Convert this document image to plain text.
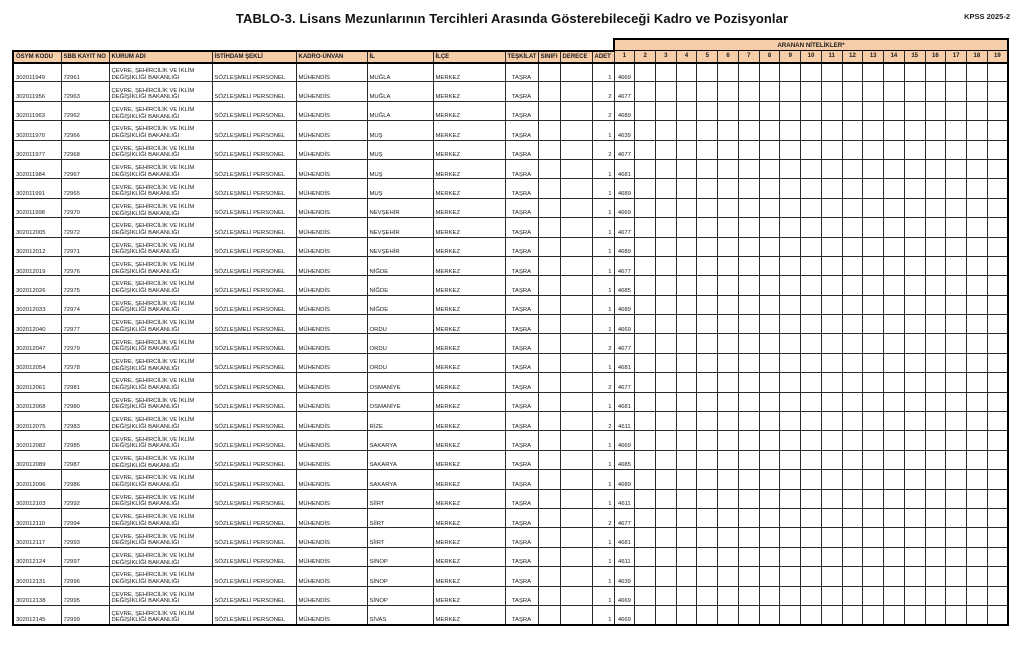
TABLO-3. Lisans Mezunlarının Tercihleri Arasında Gösterebileceği Kadro ve Pozisyonlar	KPSS 2025-2
											ARANAN NİTELİKLER*																		
ÖSYM KODU	SBB KAYIT NO	KURUM ADI	İSTİHDAM ŞEKLİ	KADRO-ÜNVAN	İL	İLÇE	TEŞKİLAT	SINIFI	DERECE	ADET	1	2	3	4	5	6	7	8	9	10	11	12	13	14	15	16	17	18	19
302011949	72961	ÇEVRE, ŞEHİRCİLİK VE İKLİM DEĞİŞİKLİĞİ BAKANLIĞI	SÖZLEŞMELİ PERSONEL	MÜHENDİS	MUĞLA	MERKEZ	TAŞRA			1	4669																		
302011956	72963	ÇEVRE, ŞEHİRCİLİK VE İKLİM DEĞİŞİKLİĞİ BAKANLIĞI	SÖZLEŞMELİ PERSONEL	MÜHENDİS	MUĞLA	MERKEZ	TAŞRA			2	4677																		
302011963	72962	ÇEVRE, ŞEHİRCİLİK VE İKLİM DEĞİŞİKLİĞİ BAKANLIĞI	SÖZLEŞMELİ PERSONEL	MÜHENDİS	MUĞLA	MERKEZ	TAŞRA			2	4689																		
302011970	72966	ÇEVRE, ŞEHİRCİLİK VE İKLİM DEĞİŞİKLİĞİ BAKANLIĞI	SÖZLEŞMELİ PERSONEL	MÜHENDİS	MUŞ	MERKEZ	TAŞRA			1	4639																		
302011977	72968	ÇEVRE, ŞEHİRCİLİK VE İKLİM DEĞİŞİKLİĞİ BAKANLIĞI	SÖZLEŞMELİ PERSONEL	MÜHENDİS	MUŞ	MERKEZ	TAŞRA			2	4677																		
302011984	72967	ÇEVRE, ŞEHİRCİLİK VE İKLİM DEĞİŞİKLİĞİ BAKANLIĞI	SÖZLEŞMELİ PERSONEL	MÜHENDİS	MUŞ	MERKEZ	TAŞRA			1	4681																		
302011991	72965	ÇEVRE, ŞEHİRCİLİK VE İKLİM DEĞİŞİKLİĞİ BAKANLIĞI	SÖZLEŞMELİ PERSONEL	MÜHENDİS	MUŞ	MERKEZ	TAŞRA			1	4689																		
302011998	72970	ÇEVRE, ŞEHİRCİLİK VE İKLİM DEĞİŞİKLİĞİ BAKANLIĞI	SÖZLEŞMELİ PERSONEL	MÜHENDİS	NEVŞEHİR	MERKEZ	TAŞRA			1	4669																		
302012005	72972	ÇEVRE, ŞEHİRCİLİK VE İKLİM DEĞİŞİKLİĞİ BAKANLIĞI	SÖZLEŞMELİ PERSONEL	MÜHENDİS	NEVŞEHİR	MERKEZ	TAŞRA			1	4677																		
302012012	72971	ÇEVRE, ŞEHİRCİLİK VE İKLİM DEĞİŞİKLİĞİ BAKANLIĞI	SÖZLEŞMELİ PERSONEL	MÜHENDİS	NEVŞEHİR	MERKEZ	TAŞRA			1	4689																		
302012019	72976	ÇEVRE, ŞEHİRCİLİK VE İKLİM DEĞİŞİKLİĞİ BAKANLIĞI	SÖZLEŞMELİ PERSONEL	MÜHENDİS	NİĞDE	MERKEZ	TAŞRA			1	4677																		
302012026	72975	ÇEVRE, ŞEHİRCİLİK VE İKLİM DEĞİŞİKLİĞİ BAKANLIĞI	SÖZLEŞMELİ PERSONEL	MÜHENDİS	NİĞDE	MERKEZ	TAŞRA			1	4685																		
302012033	72974	ÇEVRE, ŞEHİRCİLİK VE İKLİM DEĞİŞİKLİĞİ BAKANLIĞI	SÖZLEŞMELİ PERSONEL	MÜHENDİS	NİĞDE	MERKEZ	TAŞRA			1	4689																		
302012040	72977	ÇEVRE, ŞEHİRCİLİK VE İKLİM DEĞİŞİKLİĞİ BAKANLIĞI	SÖZLEŞMELİ PERSONEL	MÜHENDİS	ORDU	MERKEZ	TAŞRA			1	4669																		
302012047	72979	ÇEVRE, ŞEHİRCİLİK VE İKLİM DEĞİŞİKLİĞİ BAKANLIĞI	SÖZLEŞMELİ PERSONEL	MÜHENDİS	ORDU	MERKEZ	TAŞRA			2	4677																		
302012054	72978	ÇEVRE, ŞEHİRCİLİK VE İKLİM DEĞİŞİKLİĞİ BAKANLIĞI	SÖZLEŞMELİ PERSONEL	MÜHENDİS	ORDU	MERKEZ	TAŞRA			1	4681																		
302012061	72981	ÇEVRE, ŞEHİRCİLİK VE İKLİM DEĞİŞİKLİĞİ BAKANLIĞI	SÖZLEŞMELİ PERSONEL	MÜHENDİS	OSMANİYE	MERKEZ	TAŞRA			2	4677																		
302012068	72980	ÇEVRE, ŞEHİRCİLİK VE İKLİM DEĞİŞİKLİĞİ BAKANLIĞI	SÖZLEŞMELİ PERSONEL	MÜHENDİS	OSMANİYE	MERKEZ	TAŞRA			1	4681																		
302012075	72983	ÇEVRE, ŞEHİRCİLİK VE İKLİM DEĞİŞİKLİĞİ BAKANLIĞI	SÖZLEŞMELİ PERSONEL	MÜHENDİS	RİZE	MERKEZ	TAŞRA			2	4611																		
302012082	72985	ÇEVRE, ŞEHİRCİLİK VE İKLİM DEĞİŞİKLİĞİ BAKANLIĞI	SÖZLEŞMELİ PERSONEL	MÜHENDİS	SAKARYA	MERKEZ	TAŞRA			1	4669																		
302012089	72987	ÇEVRE, ŞEHİRCİLİK VE İKLİM DEĞİŞİKLİĞİ BAKANLIĞI	SÖZLEŞMELİ PERSONEL	MÜHENDİS	SAKARYA	MERKEZ	TAŞRA			1	4685																		
302012096	72986	ÇEVRE, ŞEHİRCİLİK VE İKLİM DEĞİŞİKLİĞİ BAKANLIĞI	SÖZLEŞMELİ PERSONEL	MÜHENDİS	SAKARYA	MERKEZ	TAŞRA			1	4689																		
302012103	72992	ÇEVRE, ŞEHİRCİLİK VE İKLİM DEĞİŞİKLİĞİ BAKANLIĞI	SÖZLEŞMELİ PERSONEL	MÜHENDİS	SİİRT	MERKEZ	TAŞRA			1	4611																		
302012110	72994	ÇEVRE, ŞEHİRCİLİK VE İKLİM DEĞİŞİKLİĞİ BAKANLIĞI	SÖZLEŞMELİ PERSONEL	MÜHENDİS	SİİRT	MERKEZ	TAŞRA			2	4677																		
302012117	72993	ÇEVRE, ŞEHİRCİLİK VE İKLİM DEĞİŞİKLİĞİ BAKANLIĞI	SÖZLEŞMELİ PERSONEL	MÜHENDİS	SİİRT	MERKEZ	TAŞRA			1	4681																		
302012124	72997	ÇEVRE, ŞEHİRCİLİK VE İKLİM DEĞİŞİKLİĞİ BAKANLIĞI	SÖZLEŞMELİ PERSONEL	MÜHENDİS	SİNOP	MERKEZ	TAŞRA			1	4611																		
302012131	72996	ÇEVRE, ŞEHİRCİLİK VE İKLİM DEĞİŞİKLİĞİ BAKANLIĞI	SÖZLEŞMELİ PERSONEL	MÜHENDİS	SİNOP	MERKEZ	TAŞRA			1	4639																		
302012138	72995	ÇEVRE, ŞEHİRCİLİK VE İKLİM DEĞİŞİKLİĞİ BAKANLIĞI	SÖZLEŞMELİ PERSONEL	MÜHENDİS	SİNOP	MERKEZ	TAŞRA			1	4669																		
302012145	72999	ÇEVRE, ŞEHİRCİLİK VE İKLİM DEĞİŞİKLİĞİ BAKANLIĞI	SÖZLEŞMELİ PERSONEL	MÜHENDİS	SİVAS	MERKEZ	TAŞRA			1	4669																		
